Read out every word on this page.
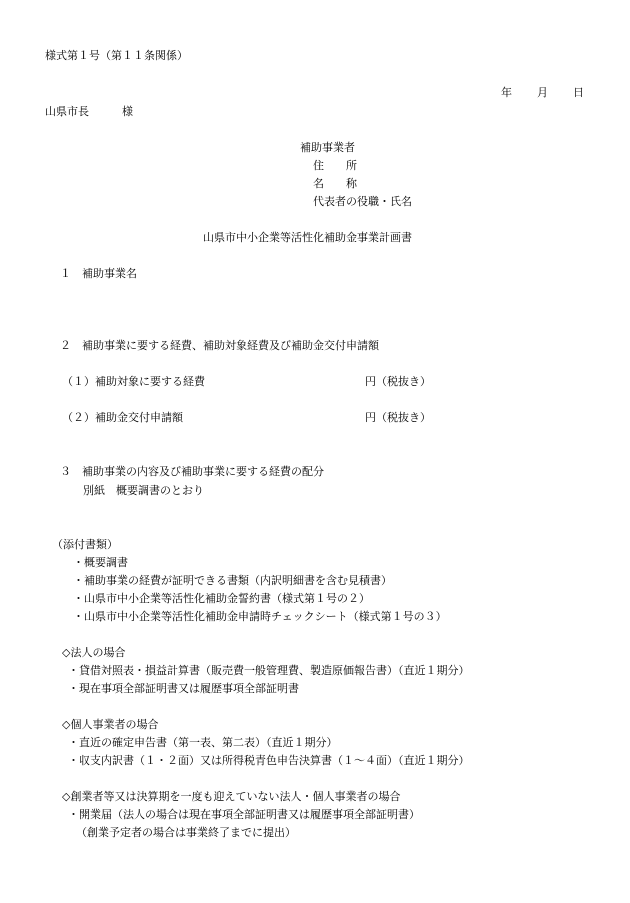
様式第１号（第１１条関係）

年 月 日

山県市長　　　様

補助事業者

住　　所

名　　称

代表者の役職・氏名

山県市中小企業等活性化補助金事業計画書

１　補助事業名

２　補助事業に要する経費、補助対象経費及び補助金交付申請額

（１）補助対象に要する経費	円（税抜き）

（２）補助金交付申請額	円（税抜き）

３　補助事業の内容及び補助事業に要する経費の配分

別紙　概要調書のとおり

（添付書類）

・概要調書

・補助事業の経費が証明できる書類（内訳明細書を含む見積書）

・山県市中小企業等活性化補助金誓約書（様式第１号の２）

・山県市中小企業等活性化補助金申請時チェックシート（様式第１号の３）

◇法人の場合

・貸借対照表・損益計算書（販売費一般管理費、製造原価報告書）（直近１期分）

・現在事項全部証明書又は履歴事項全部証明書

◇個人事業者の場合

・直近の確定申告書（第一表、第二表）（直近１期分）

・収支内訳書（１・２面）又は所得税青色申告決算書（１～４面）（直近１期分）

◇創業者等又は決算期を一度も迎えていない法人・個人事業者の場合

・開業届（法人の場合は現在事項全部証明書又は履歴事項全部証明書）

（創業予定者の場合は事業終了までに提出）
